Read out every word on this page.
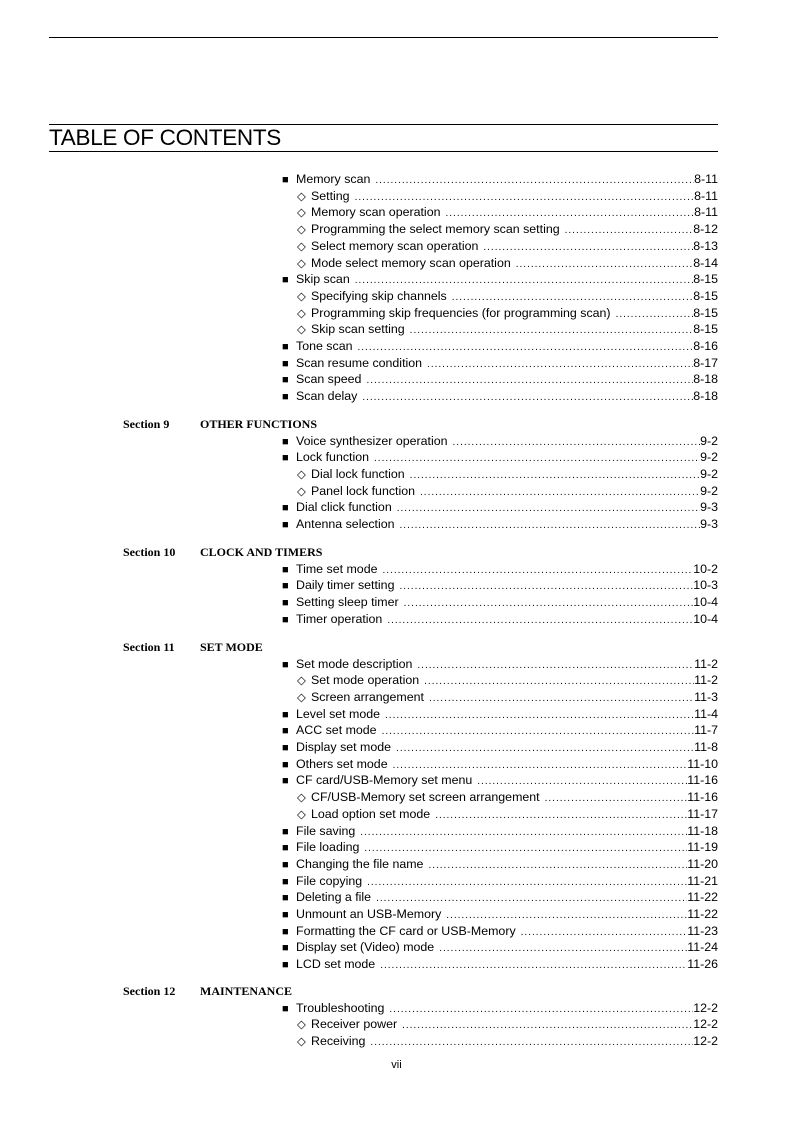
TABLE OF CONTENTS
■ Memory scan .....	8-11
◇ Setting .....	8-11
◇ Memory scan operation .....	8-11
◇ Programming the select memory scan setting .....	8-12
◇ Select memory scan operation .....	8-13
◇ Mode select memory scan operation .....	8-14
■ Skip scan .....	8-15
◇ Specifying skip channels .....	8-15
◇ Programming skip frequencies (for programming scan) .....	8-15
◇ Skip scan setting .....	8-15
■ Tone scan .....	8-16
■ Scan resume condition .....	8-17
■ Scan speed .....	8-18
■ Scan delay .....	8-18
Section 9	OTHER FUNCTIONS
■ Voice synthesizer operation .....	9-2
■ Lock function .....	9-2
◇ Dial lock function .....	9-2
◇ Panel lock function .....	9-2
■ Dial click function .....	9-3
■ Antenna selection .....	9-3
Section 10 CLOCK AND TIMERS
■ Time set mode .....	10-2
■ Daily timer setting .....	10-3
■ Setting sleep timer .....	10-4
■ Timer operation .....	10-4
Section 11 SET MODE
■ Set mode description .....	11-2
◇ Set mode operation .....	11-2
◇ Screen arrangement .....	11-3
■ Level set mode .....	11-4
■ ACC set mode .....	11-7
■ Display set mode .....	11-8
■ Others set mode .....	11-10
■ CF card/USB-Memory set menu .....	11-16
◇ CF/USB-Memory set screen arrangement .....	11-16
◇ Load option set mode .....	11-17
■ File saving .....	11-18
■ File loading .....	11-19
■ Changing the file name .....	11-20
■ File copying .....	11-21
■ Deleting a file .....	11-22
■ Unmount an USB-Memory .....	11-22
■ Formatting the CF card or USB-Memory .....	11-23
■ Display set (Video) mode .....	11-24
■ LCD set mode .....	11-26
Section 12 MAINTENANCE
■ Troubleshooting .....	12-2
◇ Receiver power .....	12-2
◇ Receiving .....	12-2
vii
